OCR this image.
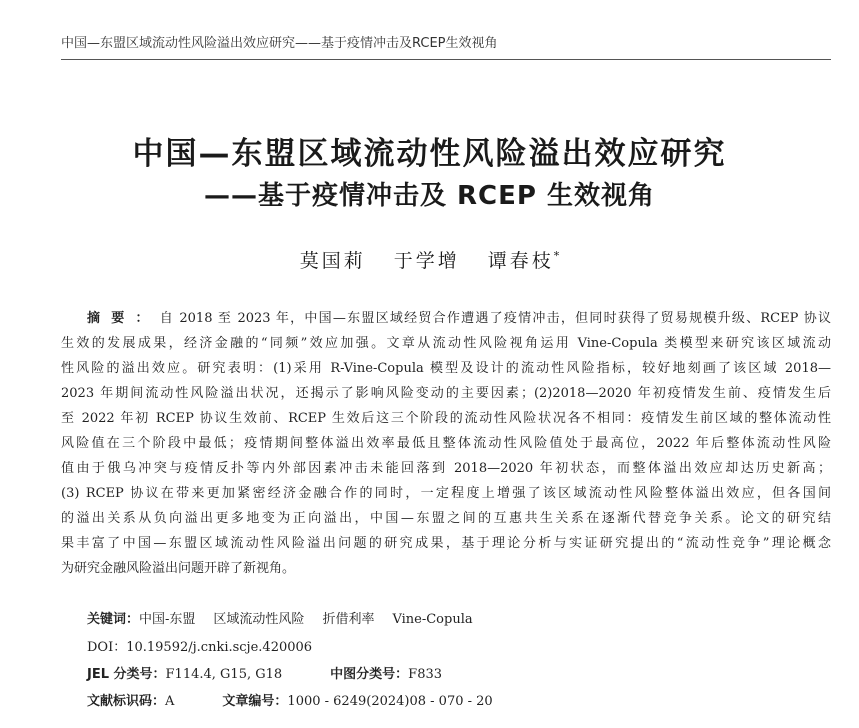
中国—东盟区域流动性风险溢出效应研究——基于疫情冲击及RCEP生效视角
中国—东盟区域流动性风险溢出效应研究
——基于疫情冲击及 RCEP 生效视角
莫国莉 于学增 谭春枝*
摘要：自 2018 至 2023 年，中国—东盟区域经贸合作遭遇了疫情冲击，但同时获得了贸易规模升级、RCEP 协议
生效的发展成果，经济金融的“同频”效应加强。文章从流动性风险视角运用 Vine-Copula 类模型来研究该区域流动
性风险的溢出效应。研究表明：(1)采用 R-Vine-Copula 模型及设计的流动性风险指标，较好地刻画了该区域 2018—
2023 年期间流动性风险溢出状况，还揭示了影响风险变动的主要因素；(2)2018—2020 年初疫情发生前、疫情发生后
至 2022 年初 RCEP 协议生效前、RCEP 生效后这三个阶段的流动性风险状况各不相同：疫情发生前区域的整体流动性
风险值在三个阶段中最低；疫情期间整体溢出效率最低且整体流动性风险值处于最高位，2022 年后整体流动性风险
值由于俄乌冲突与疫情反扑等内外部因素冲击未能回落到 2018—2020 年初状态，而整体溢出效应却达历史新高；
(3) RCEP 协议在带来更加紧密经济金融合作的同时，一定程度上增强了该区域流动性风险整体溢出效应，但各国间
的溢出关系从负向溢出更多地变为正向溢出，中国—东盟之间的互惠共生关系在逐渐代替竞争关系。论文的研究结
果丰富了中国—东盟区域流动性风险溢出问题的研究成果，基于理论分析与实证研究提出的“流动性竞争”理论概念
为研究金融风险溢出问题开辟了新视角。
关键词：中国-东盟 区域流动性风险 折借利率 Vine-Copula
DOI：10.19592/j.cnki.scje.420006
JEL 分类号：F114.4, G15, G18	中图分类号：F833
文献标识码：A	文章编号：1000 - 6249(2024)08 - 070 - 20
